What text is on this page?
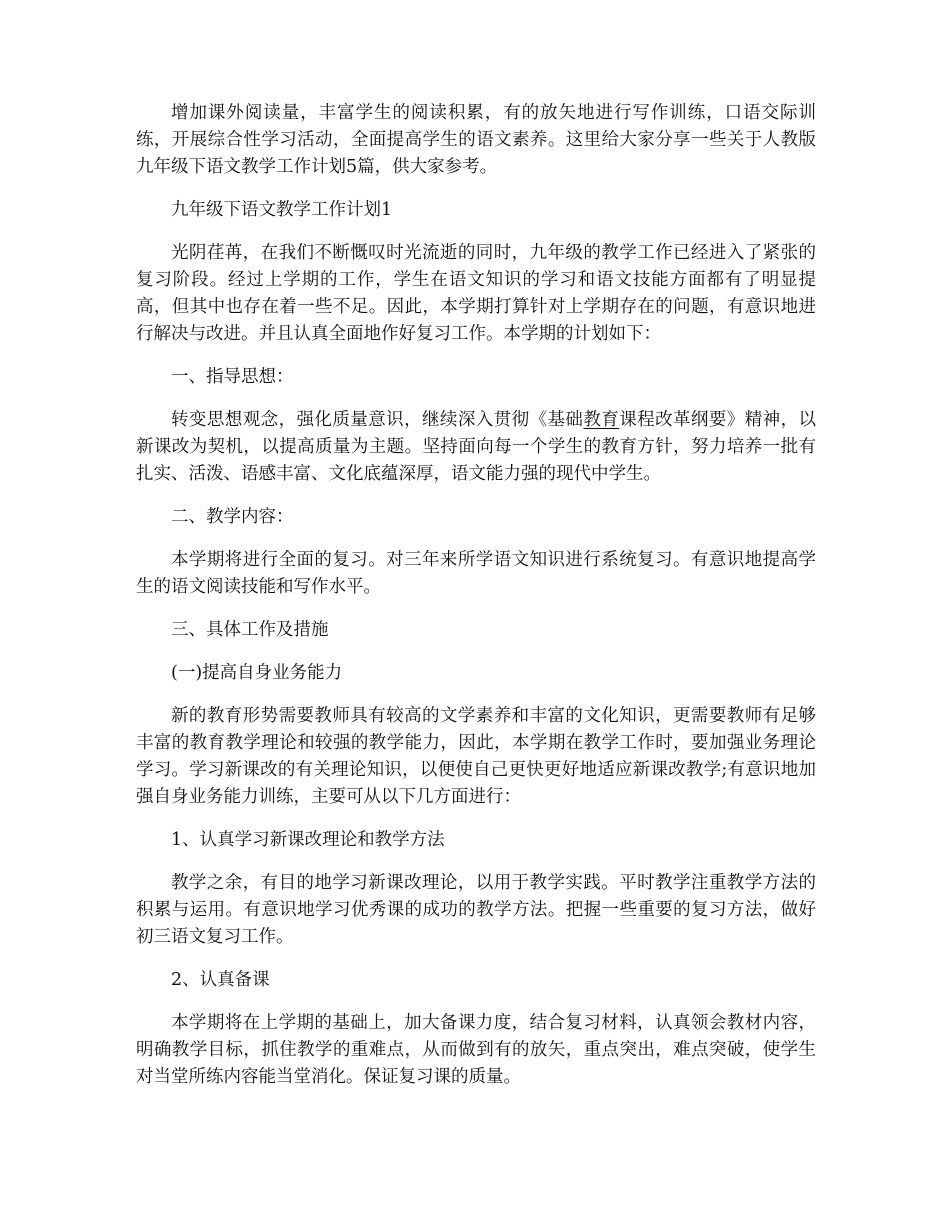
增加课外阅读量，丰富学生的阅读积累，有的放矢地进行写作训练，口语交际训练，开展综合性学习活动，全面提高学生的语文素养。这里给大家分享一些关于人教版九年级下语文教学工作计划5篇，供大家参考。

九年级下语文教学工作计划1

光阴荏苒，在我们不断慨叹时光流逝的同时，九年级的教学工作已经进入了紧张的复习阶段。经过上学期的工作，学生在语文知识的学习和语文技能方面都有了明显提高，但其中也存在着一些不足。因此，本学期打算针对上学期存在的问题，有意识地进行解决与改进。并且认真全面地作好复习工作。本学期的计划如下：

一、指导思想：

转变思想观念，强化质量意识，继续深入贯彻《基础教育课程改革纲要》精神，以新课改为契机，以提高质量为主题。坚持面向每一个学生的教育方针，努力培养一批有扎实、活泼、语感丰富、文化底蕴深厚，语文能力强的现代中学生。

二、教学内容：

本学期将进行全面的复习。对三年来所学语文知识进行系统复习。有意识地提高学生的语文阅读技能和写作水平。

三、具体工作及措施

(一)提高自身业务能力

新的教育形势需要教师具有较高的文学素养和丰富的文化知识，更需要教师有足够丰富的教育教学理论和较强的教学能力，因此，本学期在教学工作时，要加强业务理论学习。学习新课改的有关理论知识，以便使自己更快更好地适应新课改教学;有意识地加强自身业务能力训练，主要可从以下几方面进行：

1、认真学习新课改理论和教学方法

教学之余，有目的地学习新课改理论，以用于教学实践。平时教学注重教学方法的积累与运用。有意识地学习优秀课的成功的教学方法。把握一些重要的复习方法，做好初三语文复习工作。

2、认真备课

本学期将在上学期的基础上，加大备课力度，结合复习材料，认真领会教材内容，明确教学目标，抓住教学的重难点，从而做到有的放矢，重点突出，难点突破，使学生对当堂所练内容能当堂消化。保证复习课的质量。
